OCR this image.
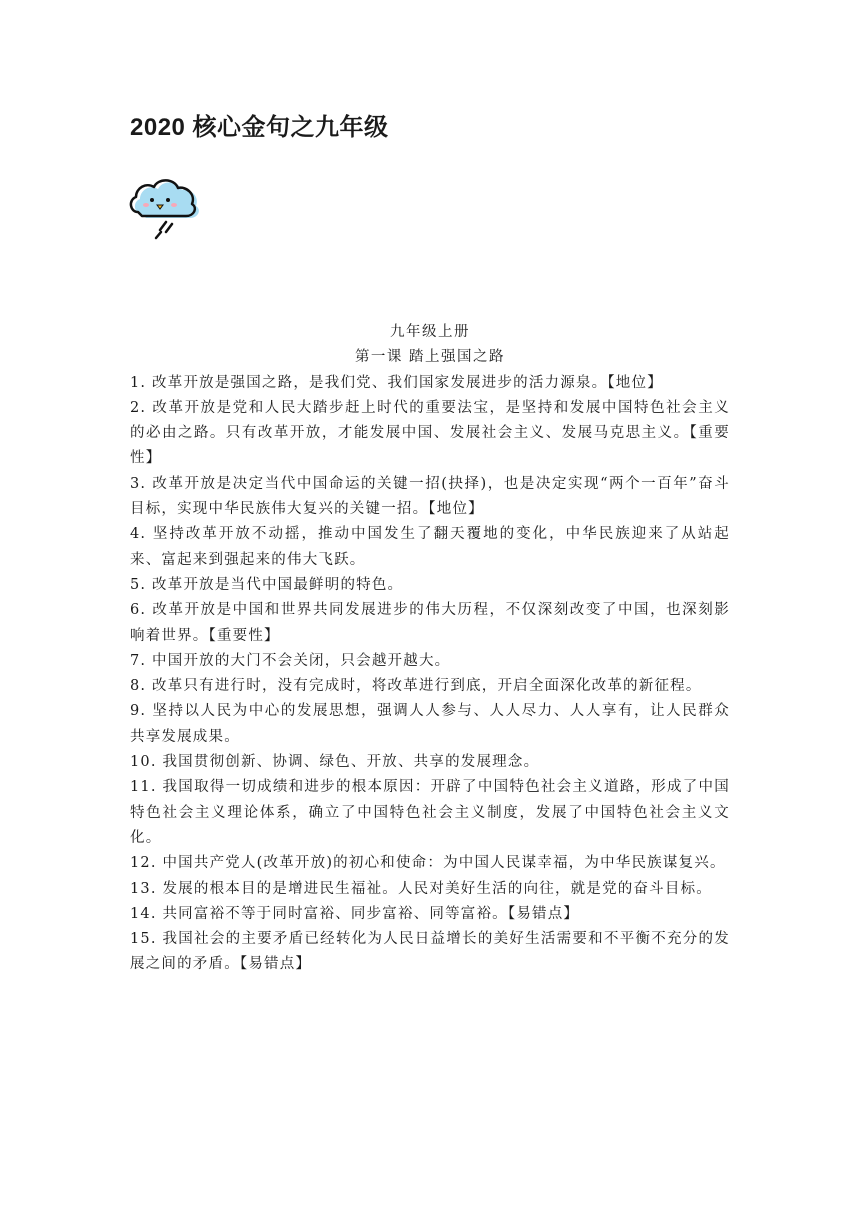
2020 核心金句之九年级
九年级上册
第一课 踏上强国之路

1. 改革开放是强国之路，是我们党、我们国家发展进步的活力源泉。【地位】

2. 改革开放是党和人民大踏步赶上时代的重要法宝，是坚持和发展中国特色社会主义的必由之路。只有改革开放，才能发展中国、发展社会主义、发展马克思主义。【重要性】

3. 改革开放是决定当代中国命运的关键一招(抉择)，也是决定实现“两个一百年”奋斗目标，实现中华民族伟大复兴的关键一招。【地位】

4. 坚持改革开放不动摇，推动中国发生了翻天覆地的变化，中华民族迎来了从站起来、富起来到强起来的伟大飞跃。

5. 改革开放是当代中国最鲜明的特色。

6. 改革开放是中国和世界共同发展进步的伟大历程，不仅深刻改变了中国，也深刻影响着世界。【重要性】

7. 中国开放的大门不会关闭，只会越开越大。

8. 改革只有进行时，没有完成时，将改革进行到底，开启全面深化改革的新征程。

9. 坚持以人民为中心的发展思想，强调人人参与、人人尽力、人人享有，让人民群众共享发展成果。

10. 我国贯彻创新、协调、绿色、开放、共享的发展理念。

11. 我国取得一切成绩和进步的根本原因：开辟了中国特色社会主义道路，形成了中国特色社会主义理论体系，确立了中国特色社会主义制度，发展了中国特色社会主义文化。

12. 中国共产党人(改革开放)的初心和使命：为中国人民谋幸福，为中华民族谋复兴。

13. 发展的根本目的是增进民生福祉。人民对美好生活的向往，就是党的奋斗目标。

14. 共同富裕不等于同时富裕、同步富裕、同等富裕。【易错点】

15. 我国社会的主要矛盾已经转化为人民日益增长的美好生活需要和不平衡不充分的发展之间的矛盾。【易错点】
